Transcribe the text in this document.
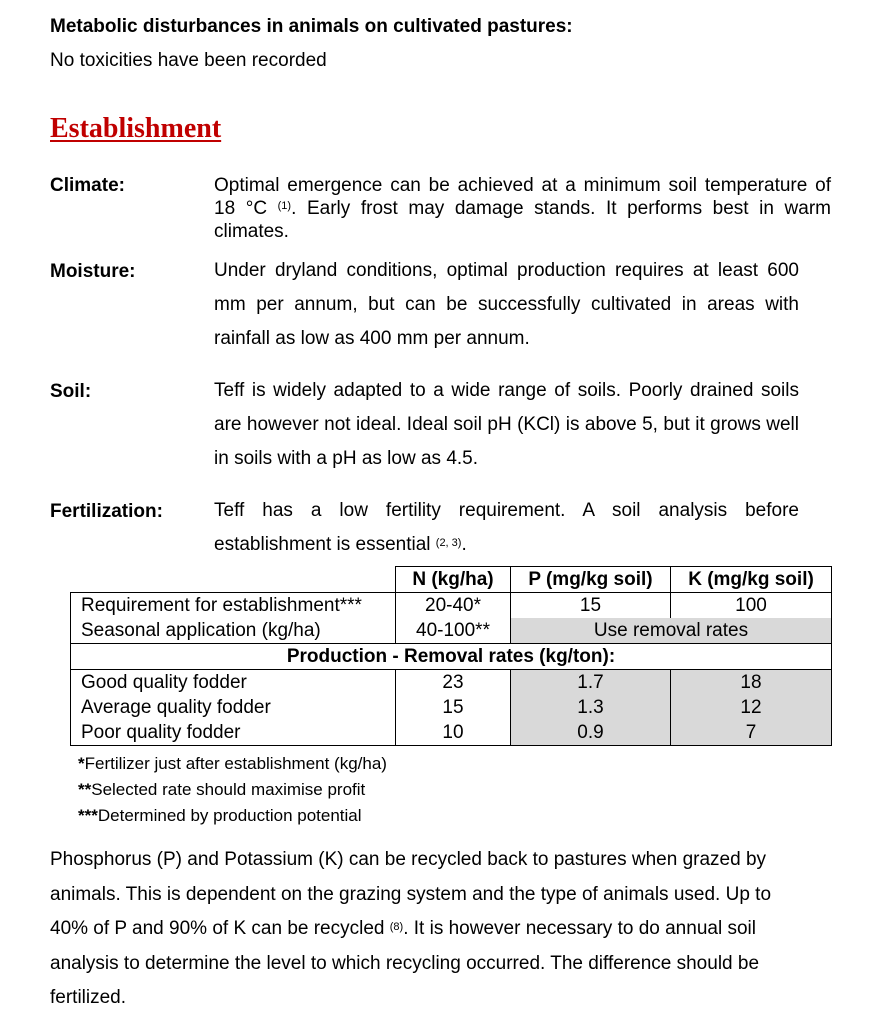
Metabolic disturbances in animals on cultivated pastures:
No toxicities have been recorded
Establishment
Climate:	Optimal emergence can be achieved at a minimum soil temperature of 18 °C $^{(1)}$. Early frost may damage stands. It performs best in warm climates.
Moisture:	Under dryland conditions, optimal production requires at least 600 mm per annum, but can be successfully cultivated in areas with rainfall as low as 400 mm per annum.
Soil:	Teff is widely adapted to a wide range of soils. Poorly drained soils are however not ideal. Ideal soil pH (KCl) is above 5, but it grows well in soils with a pH as low as 4.5.
Fertilization:	Teff has a low fertility requirement. A soil analysis before establishment is essential $^{(2, 3)}$.
	N (kg/ha)	P (mg/kg soil)	K (mg/kg soil)
Requirement for establishment***	20-40*	15	100
Seasonal application (kg/ha)	40-100**	Use removal rates	
Production - Removal rates (kg/ton):			
Good quality fodder	23	1.7	18
Average quality fodder	15	1.3	12
Poor quality fodder	10	0.9	7
*Fertilizer just after establishment (kg/ha)
**Selected rate should maximise profit
***Determined by production potential
Phosphorus (P) and Potassium (K) can be recycled back to pastures when grazed by animals. This is dependent on the grazing system and the type of animals used. Up to 40% of P and 90% of K can be recycled $^{(8)}$. It is however necessary to do annual soil analysis to determine the level to which recycling occurred. The difference should be fertilized.
